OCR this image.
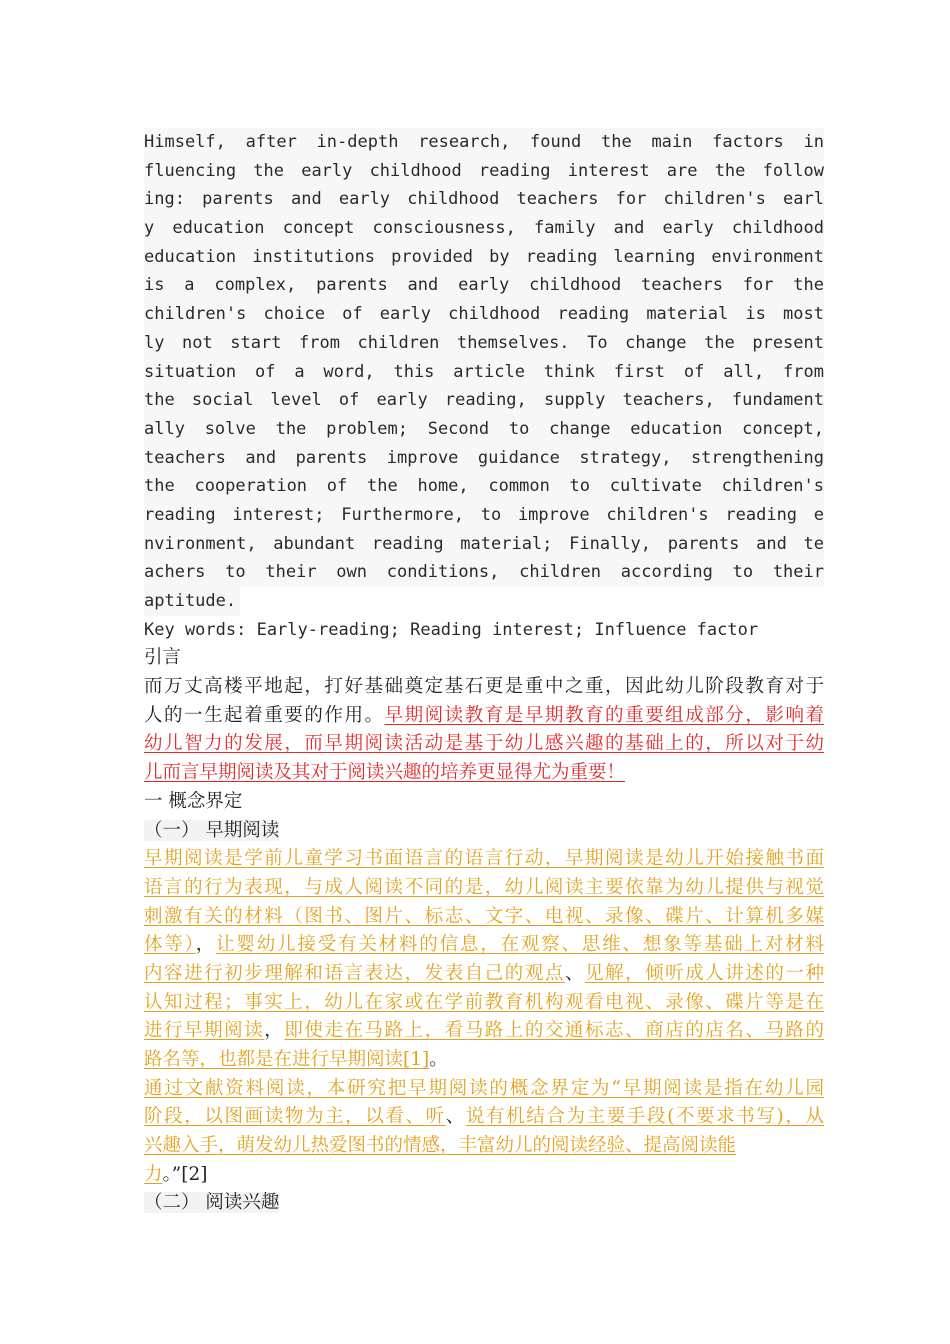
Himself, after in-depth research, found the main factors in
fluencing the early childhood reading interest are the follow
ing: parents and early childhood teachers for children's earl
y education concept consciousness, family and early childhood
education institutions provided by reading learning environment
is a complex, parents and early childhood teachers for the
children's choice of early childhood reading material is most
ly not start from children themselves. To change the present
situation of a word, this article think first of all, from
the social level of early reading, supply teachers, fundament
ally solve the problem; Second to change education concept,
teachers and parents improve guidance strategy, strengthening
the cooperation of the home, common to cultivate children's
reading interest; Furthermore, to improve children's reading e
nvironment, abundant reading material; Finally, parents and te
achers to their own conditions, children according to their
aptitude.
Key words: Early-reading; Reading interest; Influence factor
引言
而万丈高楼平地起，打好基础奠定基石更是重中之重，因此幼儿阶段教育对于
人的一生起着重要的作用。早期阅读教育是早期教育的重要组成部分，影响着
幼儿智力的发展，而早期阅读活动是基于幼儿感兴趣的基础上的，所以对于幼
儿而言早期阅读及其对于阅读兴趣的培养更显得尤为重要！
一 概念界定
（一） 早期阅读
早期阅读是学前儿童学习书面语言的语言行动，早期阅读是幼儿开始接触书面
语言的行为表现，与成人阅读不同的是，幼儿阅读主要依靠为幼儿提供与视觉
刺激有关的材料（图书、图片、标志、文字、电视、录像、碟片、计算机多媒
体等），让婴幼儿接受有关材料的信息，在观察、思维、想象等基础上对材料
内容进行初步理解和语言表达，发表自己的观点、见解，倾听成人讲述的一种
认知过程；事实上，幼儿在家或在学前教育机构观看电视、录像、碟片等是在
进行早期阅读，即使走在马路上，看马路上的交通标志、商店的店名、马路的
路名等，也都是在进行早期阅读[1]。
通过文献资料阅读，本研究把早期阅读的概念界定为“早期阅读是指在幼儿园
阶段，以图画读物为主，以看、听、说有机结合为主要手段(不要求书写)，从
兴趣入手，萌发幼儿热爱图书的情感，丰富幼儿的阅读经验、提高阅读能
力。”[2]
（二） 阅读兴趣
